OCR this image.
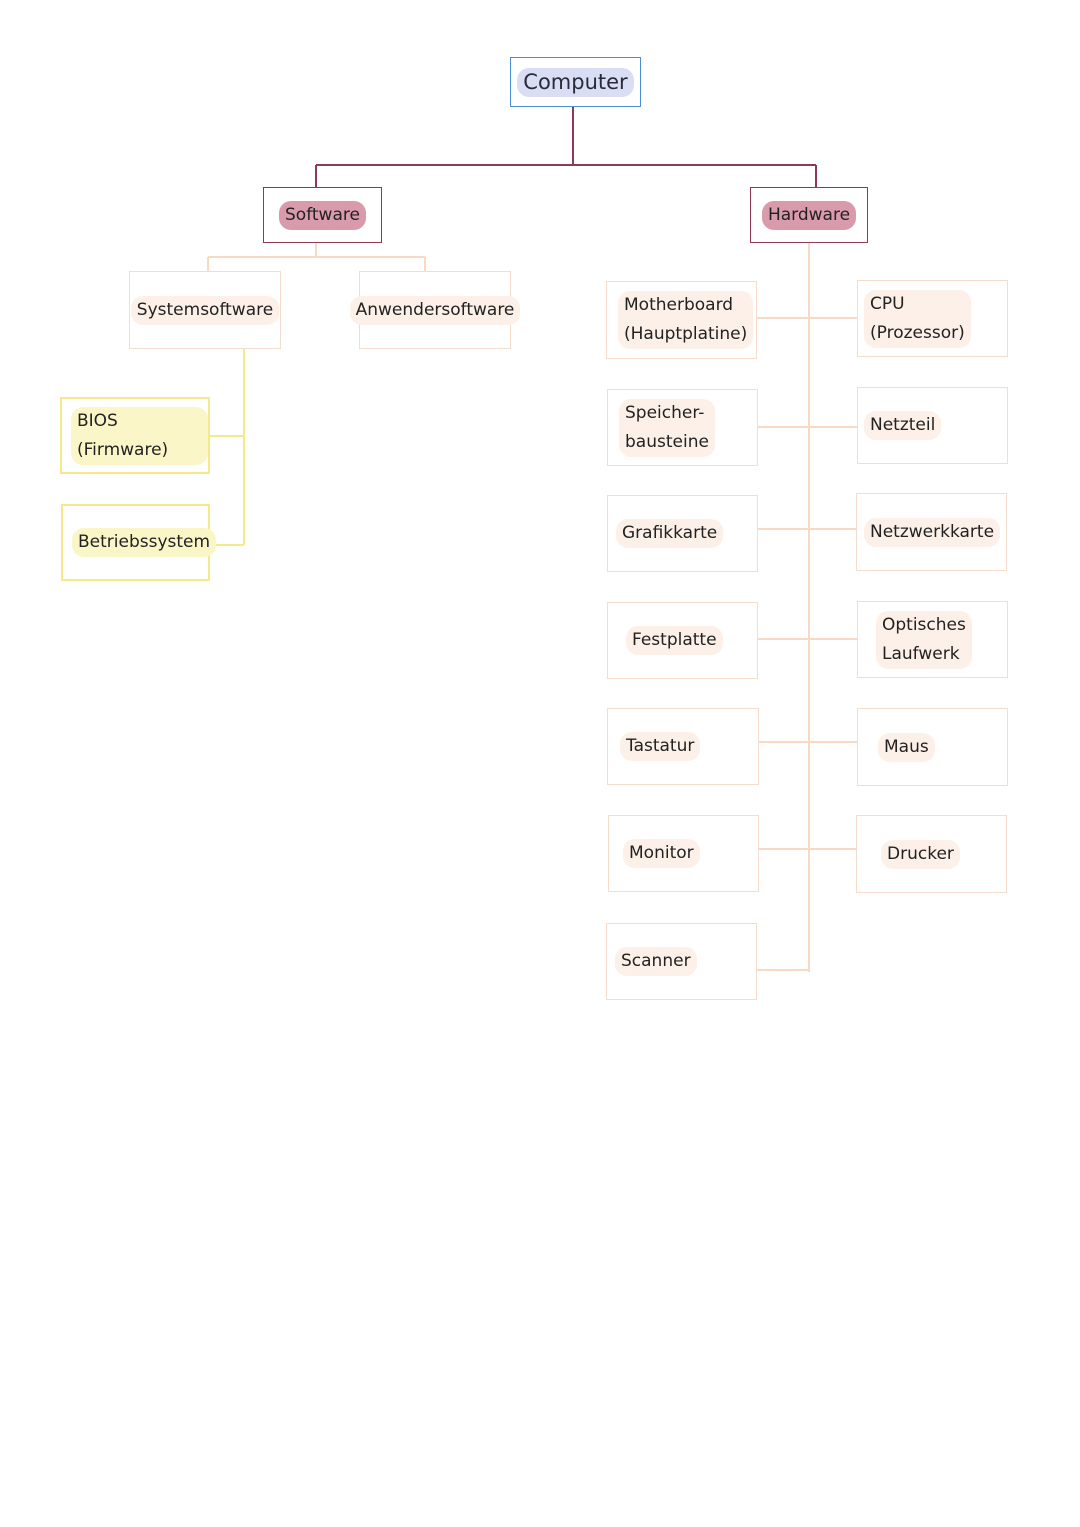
Computer
Software	Hardware
Systemsoftware	Anwendersoftware
BIOS (Firmware)
Betriebssystem
Motherboard
(Hauptplatine)
Speicher-
bausteine
Grafikkarte
Festplatte
Tastatur
Monitor
Scanner
CPU
(Prozessor)
Netzteil
Netzwerkkarte
Optisches
Laufwerk
Maus
Drucker
